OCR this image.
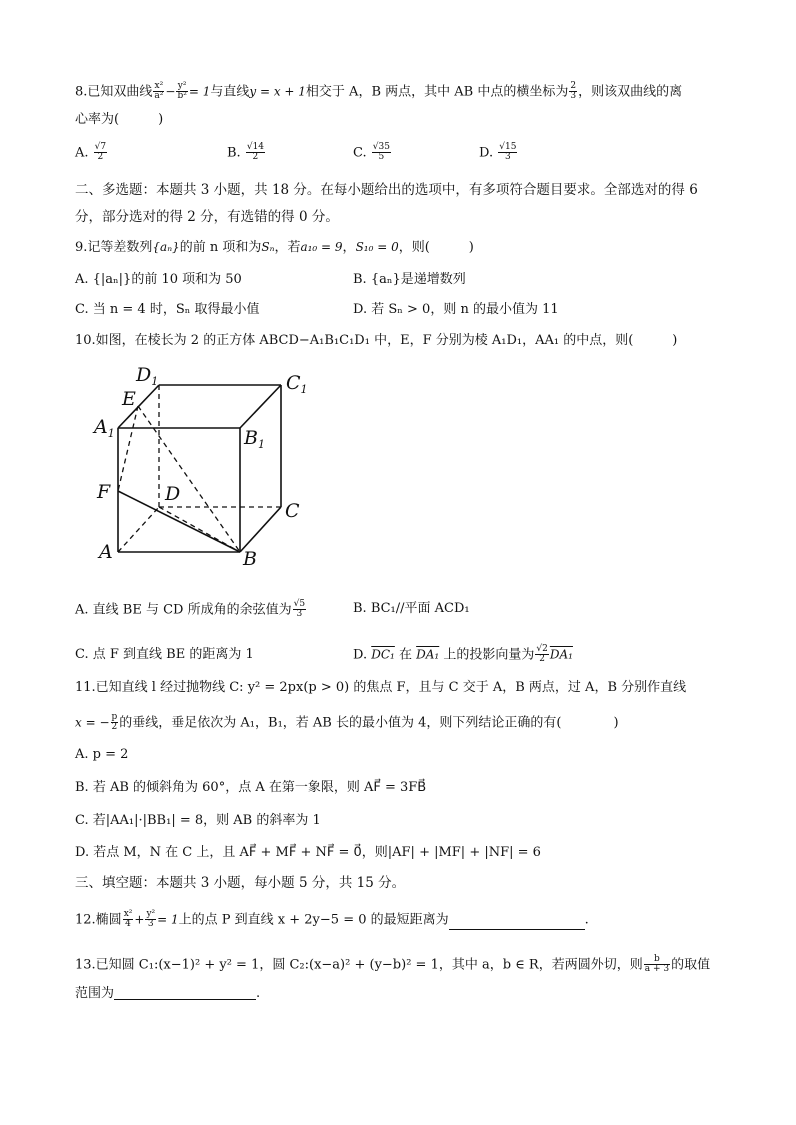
8.已知双曲线 $\frac{\text{x²}}{\text{a²}} - \frac{\text{y²}}{\text{b²}} = 1$与直线y = x + 1相交于 A，B 两点，其中 AB 中点的横坐标为 $\frac{2}{3}$ ，则该双曲线的离
心率为(　　　)
A. $\frac{√7}{2}$	B. $\frac{√14}{2}$	C. $\frac{√35}{5}$	D. $\frac{√15}{3}$
二、多选题：本题共 3 小题，共 18 分。在每小题给出的选项中，有多项符合题目要求。全部选对的得 6
分，部分选对的得 2 分，有选错的得 0 分。
9.记等差数列{aₙ}的前 n 项和为Sₙ，若a₁₀ = 9，S₁₀ = 0，则(　　　)
A. {|aₙ|}的前 10 项和为 50	B. {aₙ}是递增数列
C. 当 n = 4 时，Sₙ 取得最小值	D. 若 Sₙ > 0，则 n 的最小值为 11
10.如图，在棱长为 2 的正方体 ABCD−A₁B₁C₁D₁ 中，E，F 分别为棱 A₁D₁，AA₁ 的中点，则(　　　)
$D_1$	$C_1$
E
$A_1$	$B_1$
F	D
C
A	B
A. 直线 BE 与 CD 所成角的余弦值为 $\frac{√5}{3}$	B. BC₁//平面 ACD₁
C. 点 F 到直线 BE 的距离为 1	D. DC₁ 在 DA₁ 上的投影向量为 $\frac{√2}{2} DA_1$
11.已知直线 l 经过抛物线 C: y² = 2px(p > 0) 的焦点 F，且与 C 交于 A，B 两点，过 A，B 分别作直线
x = − $\frac{p}{2}$ 的垂线，垂足依次为 A₁，B₁，若 AB 长的最小值为 4，则下列结论正确的有(　　　　)
A. p = 2
B. 若 AB 的倾斜角为 60°，点 A 在第一象限，则 AF⃗ = 3FB⃗
C. 若|AA₁|·|BB₁| = 8，则 AB 的斜率为 1
D. 若点 M，N 在 C 上，且 AF⃗ + MF⃗ + NF⃗ = 0⃗，则|AF| + |MF| + |NF| = 6
三、填空题：本题共 3 小题，每小题 5 分，共 15 分。
12.椭圆 $\frac{\text{x²}}{4} + \frac{\text{y²}}{3} = 1$上的点 P 到直线 x + 2y−5 = 0 的最短距离为	.
13.已知圆 C₁:(x−1)² + y² = 1，圆 C₂:(x−a)² + (y−b)² = 1，其中 a，b ∈ R，若两圆外切，则 $\frac{b}{a + 3}$ 的取值
范围为	.
